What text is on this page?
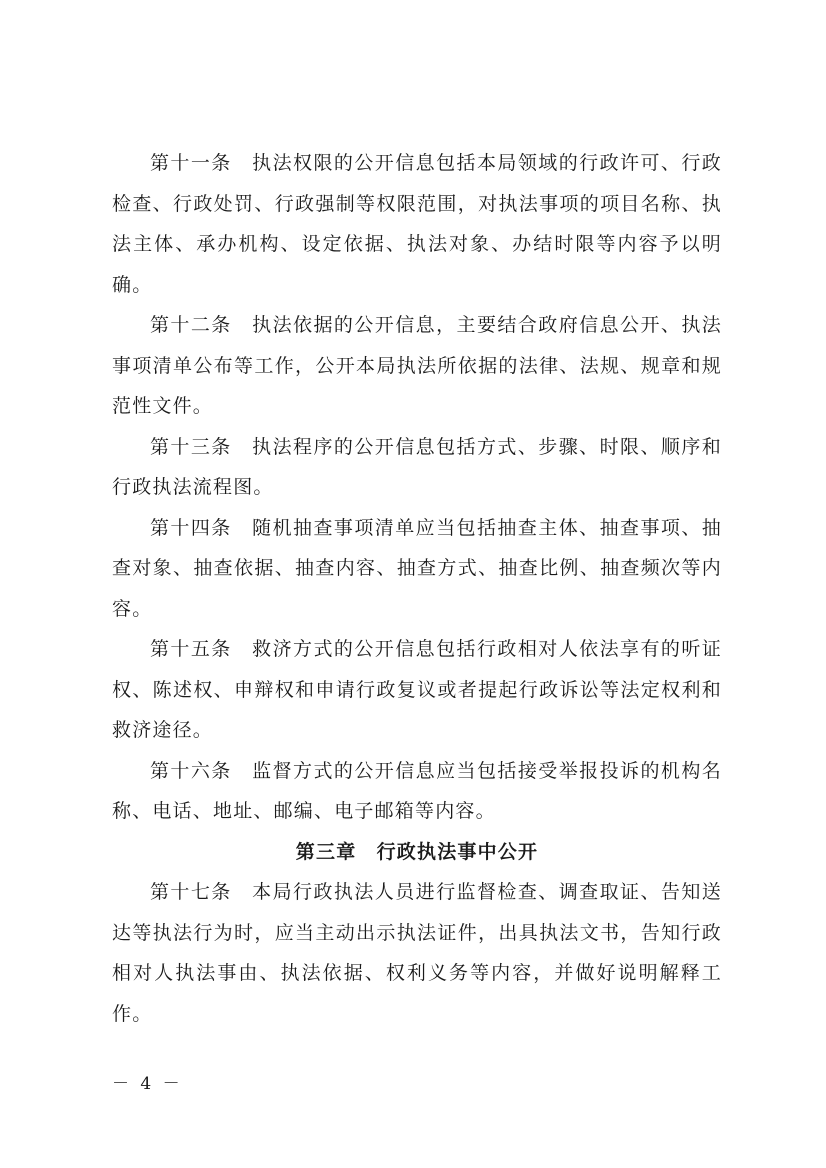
第十一条　执法权限的公开信息包括本局领域的行政许可、行政检查、行政处罚、行政强制等权限范围，对执法事项的项目名称、执法主体、承办机构、设定依据、执法对象、办结时限等内容予以明确。

第十二条　执法依据的公开信息，主要结合政府信息公开、执法事项清单公布等工作，公开本局执法所依据的法律、法规、规章和规范性文件。

第十三条　执法程序的公开信息包括方式、步骤、时限、顺序和行政执法流程图。

第十四条　随机抽查事项清单应当包括抽查主体、抽查事项、抽查对象、抽查依据、抽查内容、抽查方式、抽查比例、抽查频次等内容。

第十五条　救济方式的公开信息包括行政相对人依法享有的听证权、陈述权、申辩权和申请行政复议或者提起行政诉讼等法定权利和救济途径。

第十六条　监督方式的公开信息应当包括接受举报投诉的机构名称、电话、地址、邮编、电子邮箱等内容。

第三章　行政执法事中公开

第十七条　本局行政执法人员进行监督检查、调查取证、告知送达等执法行为时，应当主动出示执法证件，出具执法文书，告知行政相对人执法事由、执法依据、权利义务等内容，并做好说明解释工作。

－ 4 －
